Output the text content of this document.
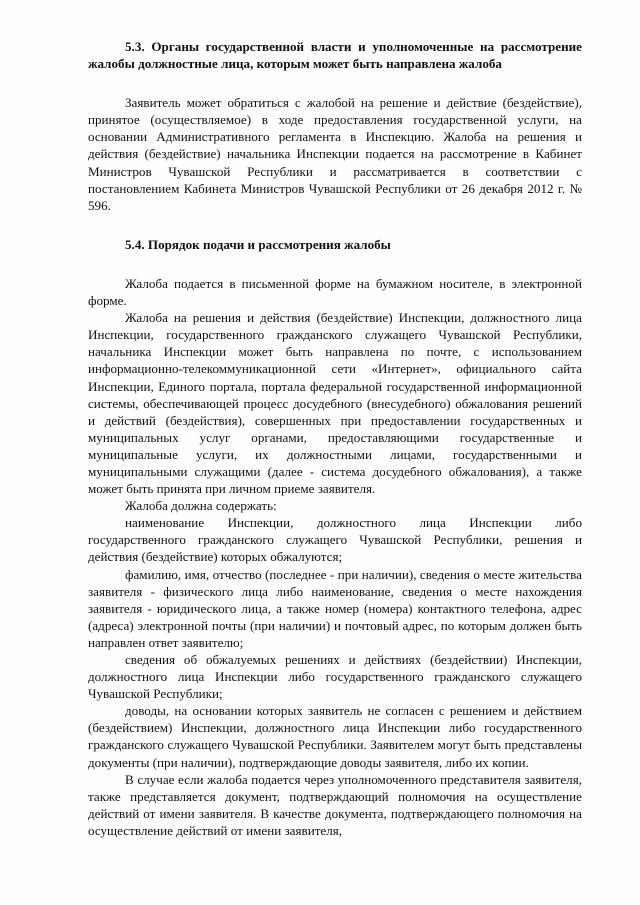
5.3. Органы государственной власти и уполномоченные на рассмотрение жалобы должностные лица, которым может быть направлена жалоба

Заявитель может обратиться с жалобой на решение и действие (бездействие), принятое (осуществляемое) в ходе предоставления государственной услуги, на основании Административного регламента в Инспекцию. Жалоба на решения и действия (бездействие) начальника Инспекции подается на рассмотрение в Кабинет Министров Чувашской Республики и рассматривается в соответствии с постановлением Кабинета Министров Чувашской Республики от 26 декабря 2012 г. № 596.

5.4. Порядок подачи и рассмотрения жалобы

Жалоба подается в письменной форме на бумажном носителе, в электронной форме.

Жалоба на решения и действия (бездействие) Инспекции, должностного лица Инспекции, государственного гражданского служащего Чувашской Республики, начальника Инспекции может быть направлена по почте, с использованием информационно-телекоммуникационной сети «Интернет», официального сайта Инспекции, Единого портала, портала федеральной государственной информационной системы, обеспечивающей процесс досудебного (внесудебного) обжалования решений и действий (бездействия), совершенных при предоставлении государственных и муниципальных услуг органами, предоставляющими государственные и муниципальные услуги, их должностными лицами, государственными и муниципальными служащими (далее - система досудебного обжалования), а также может быть принята при личном приеме заявителя.

Жалоба должна содержать:

наименование Инспекции, должностного лица Инспекции либо государственного гражданского служащего Чувашской Республики, решения и действия (бездействие) которых обжалуются;

фамилию, имя, отчество (последнее - при наличии), сведения о месте жительства заявителя - физического лица либо наименование, сведения о месте нахождения заявителя - юридического лица, а также номер (номера) контактного телефона, адрес (адреса) электронной почты (при наличии) и почтовый адрес, по которым должен быть направлен ответ заявителю;

сведения об обжалуемых решениях и действиях (бездействии) Инспекции, должностного лица Инспекции либо государственного гражданского служащего Чувашской Республики;

доводы, на основании которых заявитель не согласен с решением и действием (бездействием) Инспекции, должностного лица Инспекции либо государственного гражданского служащего Чувашской Республики. Заявителем могут быть представлены документы (при наличии), подтверждающие доводы заявителя, либо их копии.

В случае если жалоба подается через уполномоченного представителя заявителя, также представляется документ, подтверждающий полномочия на осуществление действий от имени заявителя. В качестве документа, подтверждающего полномочия на осуществление действий от имени заявителя,
